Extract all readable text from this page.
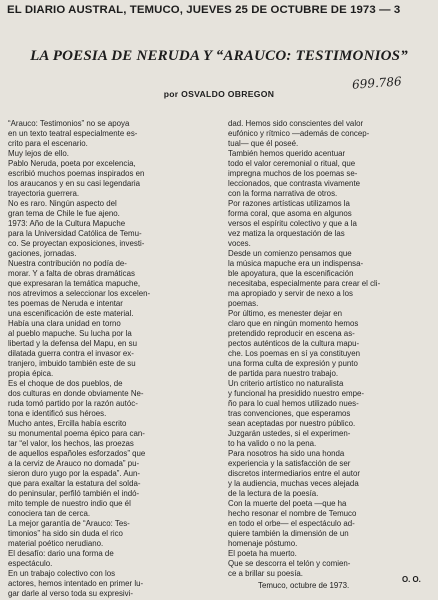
EL DIARIO AUSTRAL, TEMUCO, JUEVES 25 DE OCTUBRE DE 1973 — 3
LA POESIA DE NERUDA Y “ARAUCO: TESTIMONIOS”
699.786
por OSVALDO OBREGON

“Arauco: Testimonios” no se apoya

en un texto teatral especialmente es-

crito para el escenario.

Muy lejos de ello.

Pablo Neruda, poeta por excelencia,

escribió muchos poemas inspirados en

los araucanos y en su casi legendaria

trayectoria guerrera.

No es raro. Ningún aspecto del

gran tema de Chile le fue ajeno.

1973: Año de la Cultura Mapuche

para la Universidad Católica de Temu-

co. Se proyectan exposiciones, investi-

gaciones, jornadas.

Nuestra contribución no podía de-

morar. Y a falta de obras dramáticas

que expresaran la temática mapuche,

nos atrevimos a seleccionar los excelen-

tes poemas de Neruda e intentar

una escenificación de este material.

Había una clara unidad en torno

al pueblo mapuche. Su lucha por la

libertad y la defensa del Mapu, en su

dilatada guerra contra el invasor ex-

tranjero, imbuido también este de su

propia épica.

Es el choque de dos pueblos, de

dos culturas en donde obviamente Ne-

ruda tomó partido por la razón autóc-

tona e identificó sus héroes.

Mucho antes, Ercilla había escrito

su monumental poema épico para can-

tar “el valor, los hechos, las proezas

de aquellos españoles esforzados” que

a la cerviz de Arauco no domada” pu-

sieron duro yugo por la espada”. Aun-

que para exaltar la estatura del solda-

do peninsular, perfiló también el indó-

mito temple de nuestro indio que él

conociera tan de cerca.

La mejor garantía de “Arauco: Tes-

timonios” ha sido sin duda el rico

material poético nerudiano.

El desafío: dario una forma de

espectáculo.

En un trabajo colectivo con los

actores, hemos intentado en primer lu-

gar darle al verso toda su expresivi-

dad. Hemos sido conscientes del valor

eufónico y rítmico —además de concep-

tual— que él poseé.

También hemos querido acentuar

todo el valor ceremonial o ritual, que

impregna muchos de los poemas se-

leccionados, que contrasta vivamente

con la forma narrativa de otros.

Por razones artísticas utilizamos la

forma coral, que asoma en algunos

versos el espíritu colectivo y que a la

vez matiza la orquestación de las

voces.

Desde un comienzo pensamos que

la música mapuche era un indispensa-

ble apoyatura, que la escenificación

necesitaba, especialmente para crear el cli-

ma apropiado y servir de nexo a los

poemas.

Por último, es menester dejar en

claro que en ningún momento hemos

pretendido reproducir en escena as-

pectos auténticos de la cultura mapu-

che. Los poemas en sí ya constituyen

una forma culta de expresión y punto

de partida para nuestro trabajo.

Un criterio artístico no naturalista

y funcional ha presidido nuestro empe-

ño para lo cual hemos utilizado nues-

tras convenciones, que esperamos

sean aceptadas por nuestro público.

Juzgarán ustedes, si el experimen-

to ha valido o no la pena.

Para nosotros ha sido una honda

experiencia y la satisfacción de ser

discretos intermediarios entre el autor

y la audiencia, muchas veces alejada

de la lectura de la poesía.

Con la muerte del poeta —que ha

hecho resonar el nombre de Temuco

en todo el orbe— el espectáculo ad-

quiere también la dimensión de un

homenaje póstumo.

El poeta ha muerto.

Que se descorra el telón y comien-

ce a brillar su poesía.

Temuco, octubre de 1973.
O. O.
